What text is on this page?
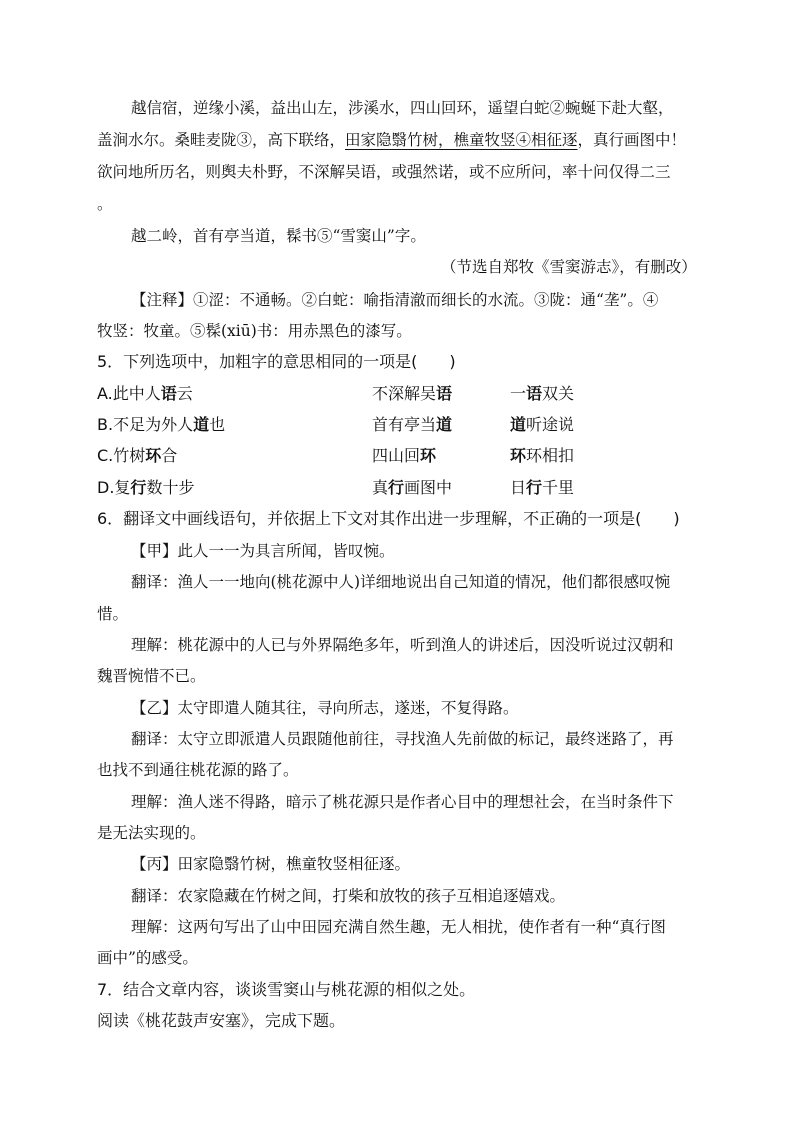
越信宿，逆缘小溪，益出山左，涉溪水，四山回环，遥望白蛇②蜿蜒下赴大壑，
盖涧水尔。桑畦麦陇③，高下联络，田家隐翳竹树，樵童牧竖④相征逐，真行画图中！
欲问地所历名，则舆夫朴野，不深解吴语，或强然诺，或不应所问，率十问仅得二三
。
越二岭，首有亭当道，髹书⑤“雪窦山”字。
（节选自郑牧《雪窦游志》，有删改）
【注释】①涩：不通畅。②白蛇：喻指清澈而细长的水流。③陇：通“垄”。④
牧竖：牧童。⑤髹(xiū)书：用赤黑色的漆写。
5．下列选项中，加粗字的意思相同的一项是(　　)
A.此中人语云	不深解吴语	一语双关
B.不足为外人道也	首有亭当道	道听途说
C.竹树环合	四山回环	环环相扣
D.复行数十步	真行画图中	日行千里
6．翻译文中画线语句，并依据上下文对其作出进一步理解，不正确的一项是(　　)
【甲】此人一一为具言所闻，皆叹惋。
翻译：渔人一一地向(桃花源中人)详细地说出自己知道的情况，他们都很感叹惋
惜。
理解：桃花源中的人已与外界隔绝多年，听到渔人的讲述后，因没听说过汉朝和
魏晋惋惜不已。
【乙】太守即遣人随其往，寻向所志，遂迷，不复得路。
翻译：太守立即派遣人员跟随他前往，寻找渔人先前做的标记，最终迷路了，再
也找不到通往桃花源的路了。
理解：渔人迷不得路，暗示了桃花源只是作者心目中的理想社会，在当时条件下
是无法实现的。
【丙】田家隐翳竹树，樵童牧竖相征逐。
翻译：农家隐藏在竹树之间，打柴和放牧的孩子互相追逐嬉戏。
理解：这两句写出了山中田园充满自然生趣，无人相扰，使作者有一种“真行图
画中”的感受。
7．结合文章内容，谈谈雪窦山与桃花源的相似之处。
阅读《桃花鼓声安塞》，完成下题。
